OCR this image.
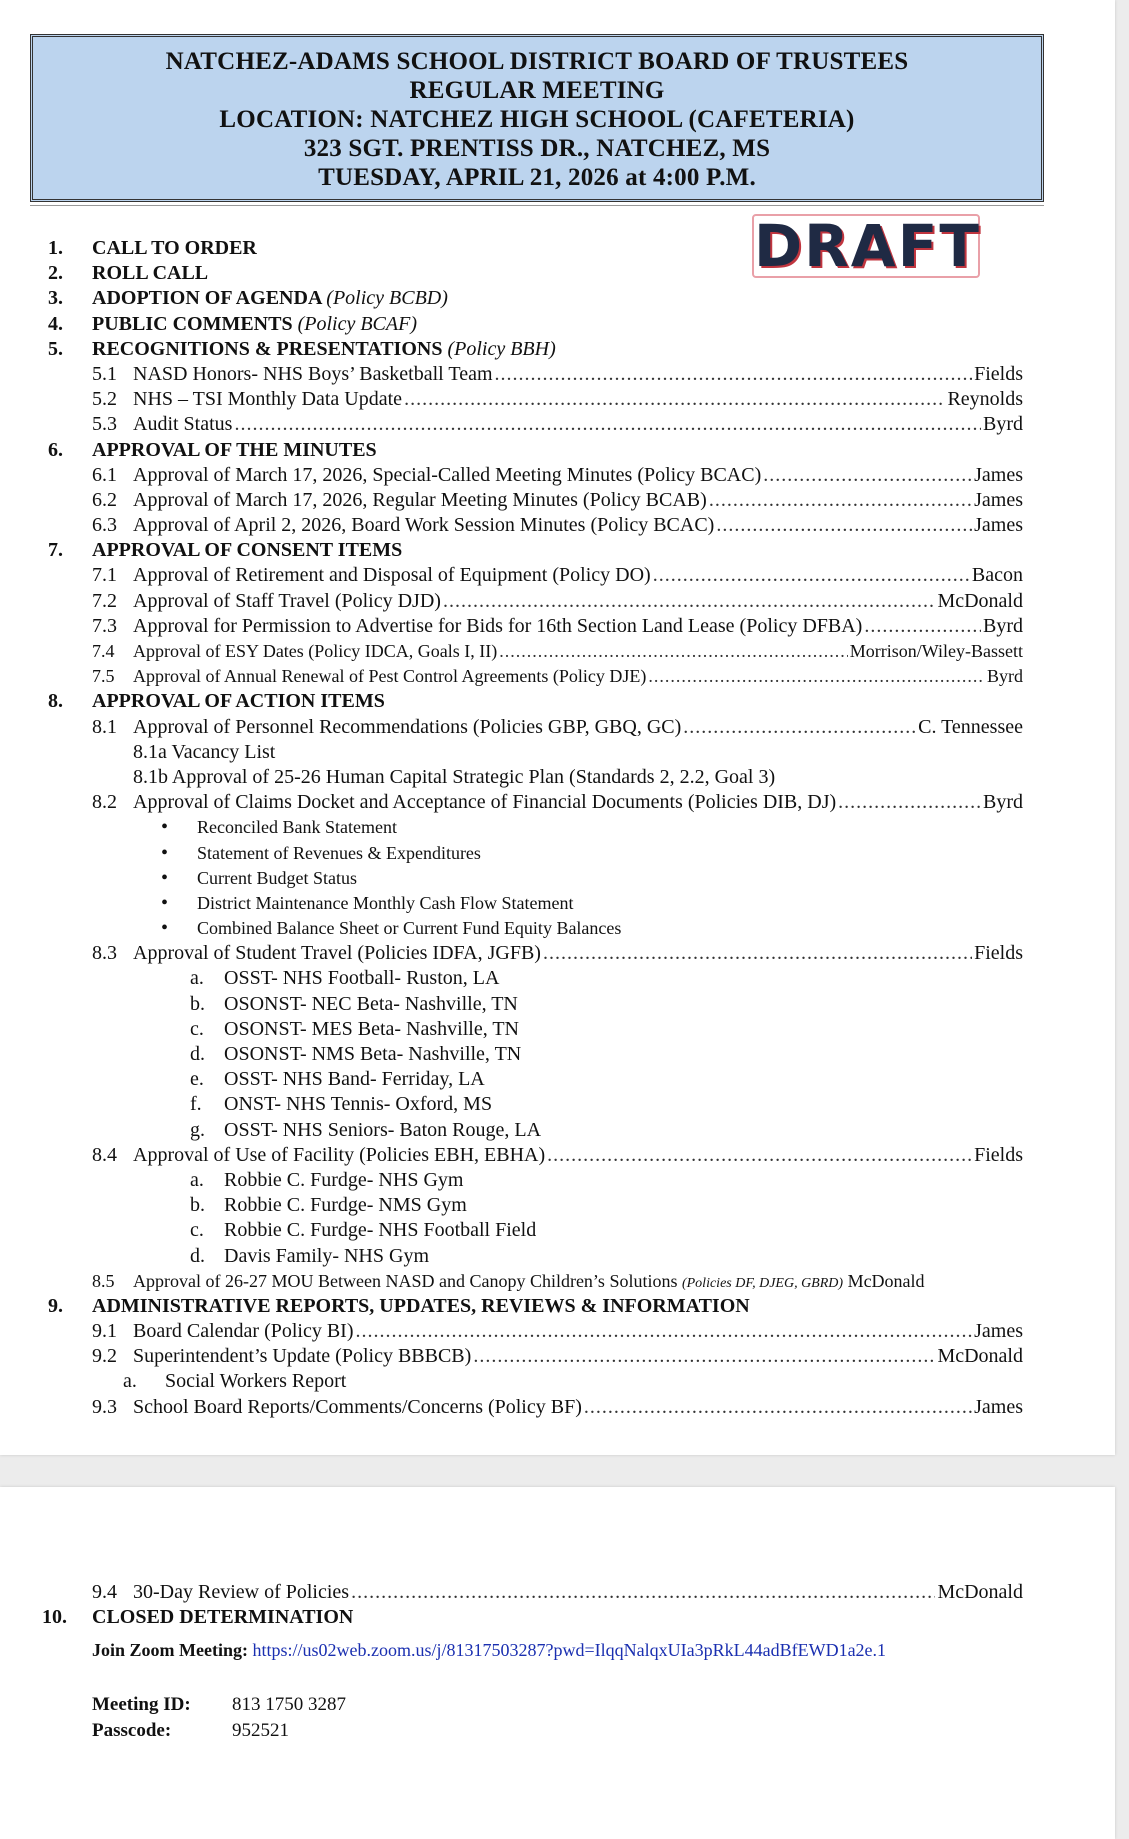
NATCHEZ-ADAMS SCHOOL DISTRICT BOARD OF TRUSTEES
REGULAR MEETING
LOCATION: NATCHEZ HIGH SCHOOL (CAFETERIA)
323 SGT. PRENTISS DR., NATCHEZ, MS
TUESDAY, APRIL 21, 2026 at 4:00 P.M.
DRAFT
1. CALL TO ORDER
2. ROLL CALL
3. ADOPTION OF AGENDA (Policy BCBD)
4. PUBLIC COMMENTS (Policy BCAF)
5. RECOGNITIONS & PRESENTATIONS (Policy BBH)
5.1 NASD Honors- NHS Boys’ Basketball Team .....	Fields
5.2 NHS – TSI Monthly Data Update .....	Reynolds
5.3 Audit Status .....	Byrd
6. APPROVAL OF THE MINUTES
6.1 Approval of March 17, 2026, Special-Called Meeting Minutes (Policy BCAC) .....	James
6.2 Approval of March 17, 2026, Regular Meeting Minutes (Policy BCAB) .....	James
6.3 Approval of April 2, 2026, Board Work Session Minutes (Policy BCAC) .....	James
7. APPROVAL OF CONSENT ITEMS
7.1 Approval of Retirement and Disposal of Equipment (Policy DO) .....	Bacon
7.2 Approval of Staff Travel (Policy DJD) .....	McDonald
7.3 Approval for Permission to Advertise for Bids for 16th Section Land Lease (Policy DFBA) .....	Byrd
7.4	Approval of ESY Dates (Policy IDCA, Goals I, II) .....	Morrison/Wiley-Bassett
7.5	Approval of Annual Renewal of Pest Control Agreements (Policy DJE) .....	Byrd
8. APPROVAL OF ACTION ITEMS
8.1 Approval of Personnel Recommendations (Policies GBP, GBQ, GC) .....	C. Tennessee
8.1a Vacancy List
8.1b Approval of 25-26 Human Capital Strategic Plan (Standards 2, 2.2, Goal 3)
8.2 Approval of Claims Docket and Acceptance of Financial Documents (Policies DIB, DJ) .....	Byrd
Reconciled Bank Statement
Statement of Revenues & Expenditures
Current Budget Status
District Maintenance Monthly Cash Flow Statement
Combined Balance Sheet or Current Fund Equity Balances
8.3 Approval of Student Travel (Policies IDFA, JGFB) .....	Fields
a. OSST- NHS Football- Ruston, LA
b. OSONST- NEC Beta- Nashville, TN
c. OSONST- MES Beta- Nashville, TN
d. OSONST- NMS Beta- Nashville, TN
e. OSST- NHS Band- Ferriday, LA
f. ONST- NHS Tennis- Oxford, MS
g. OSST- NHS Seniors- Baton Rouge, LA
8.4 Approval of Use of Facility (Policies EBH, EBHA) .....	Fields
a. Robbie C. Furdge- NHS Gym
b. Robbie C. Furdge- NMS Gym
c. Robbie C. Furdge- NHS Football Field
d. Davis Family- NHS Gym
8.5	Approval of 26-27 MOU Between NASD and Canopy Children’s Solutions (Policies DF, DJEG, GBRD) McDonald
9. ADMINISTRATIVE REPORTS, UPDATES, REVIEWS & INFORMATION
9.1 Board Calendar (Policy BI) .....	James
9.2 Superintendent’s Update (Policy BBBCB) .....	McDonald
a. Social Workers Report
9.3 School Board Reports/Comments/Concerns (Policy BF) .....	James
9.4 30-Day Review of Policies .....	McDonald
10. CLOSED DETERMINATION
Join Zoom Meeting: https://us02web.zoom.us/j/81317503287?pwd=IlqqNalqxUIa3pRkL44adBfEWD1a2e.1
Meeting ID: 813 1750 3287
Passcode:	952521
